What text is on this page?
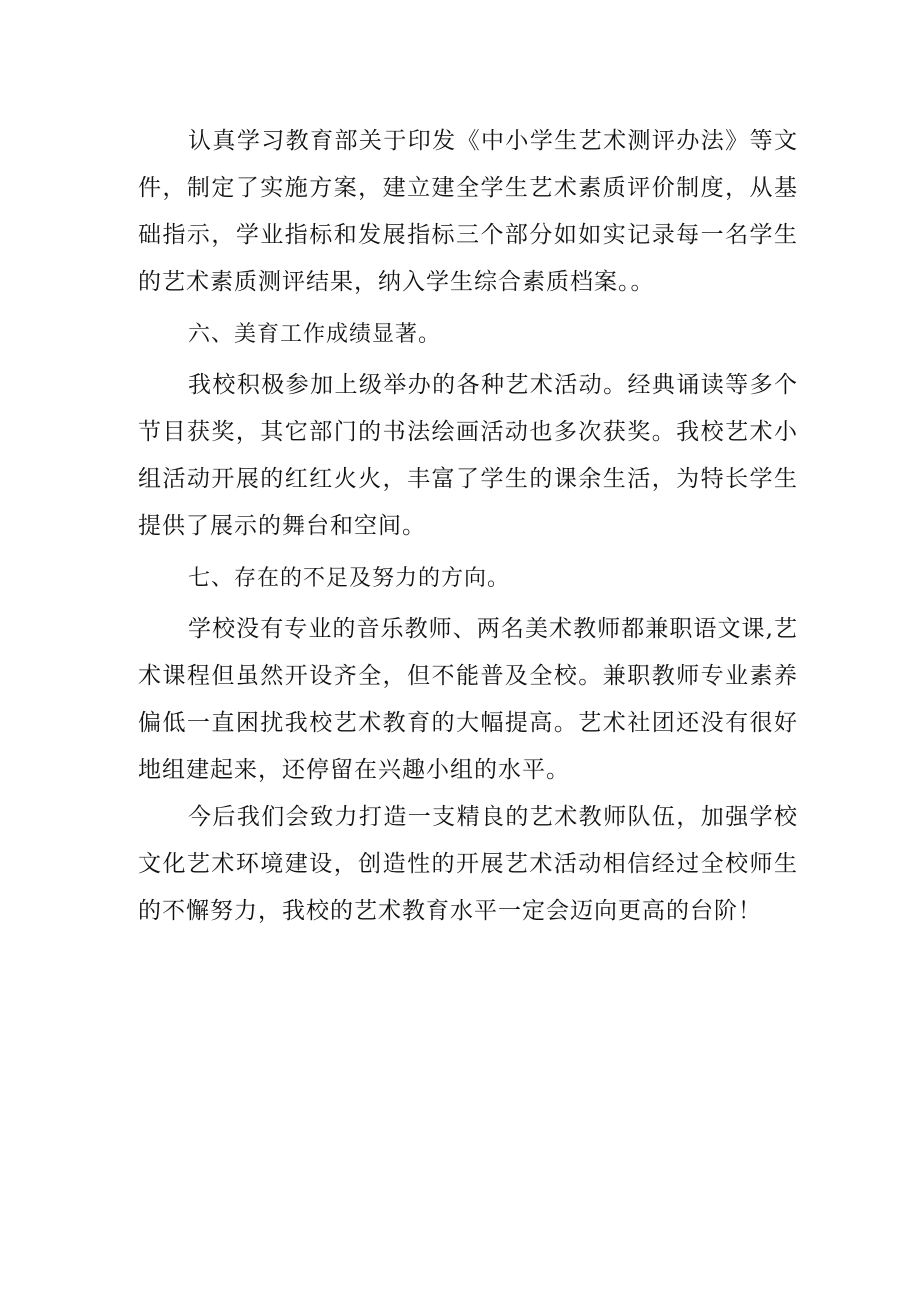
认真学习教育部关于印发《中小学生艺术测评办法》等文件，制定了实施方案，建立建全学生艺术素质评价制度，从基础指示，学业指标和发展指标三个部分如如实记录每一名学生的艺术素质测评结果，纳入学生综合素质档案。。

六、美育工作成绩显著。

我校积极参加上级举办的各种艺术活动。经典诵读等多个节目获奖，其它部门的书法绘画活动也多次获奖。我校艺术小组活动开展的红红火火，丰富了学生的课余生活，为特长学生提供了展示的舞台和空间。

七、存在的不足及努力的方向。

学校没有专业的音乐教师、两名美术教师都兼职语文课,艺术课程但虽然开设齐全，但不能普及全校。兼职教师专业素养偏低一直困扰我校艺术教育的大幅提高。艺术社团还没有很好地组建起来，还停留在兴趣小组的水平。

今后我们会致力打造一支精良的艺术教师队伍，加强学校文化艺术环境建设，创造性的开展艺术活动相信经过全校师生的不懈努力，我校的艺术教育水平一定会迈向更高的台阶！
